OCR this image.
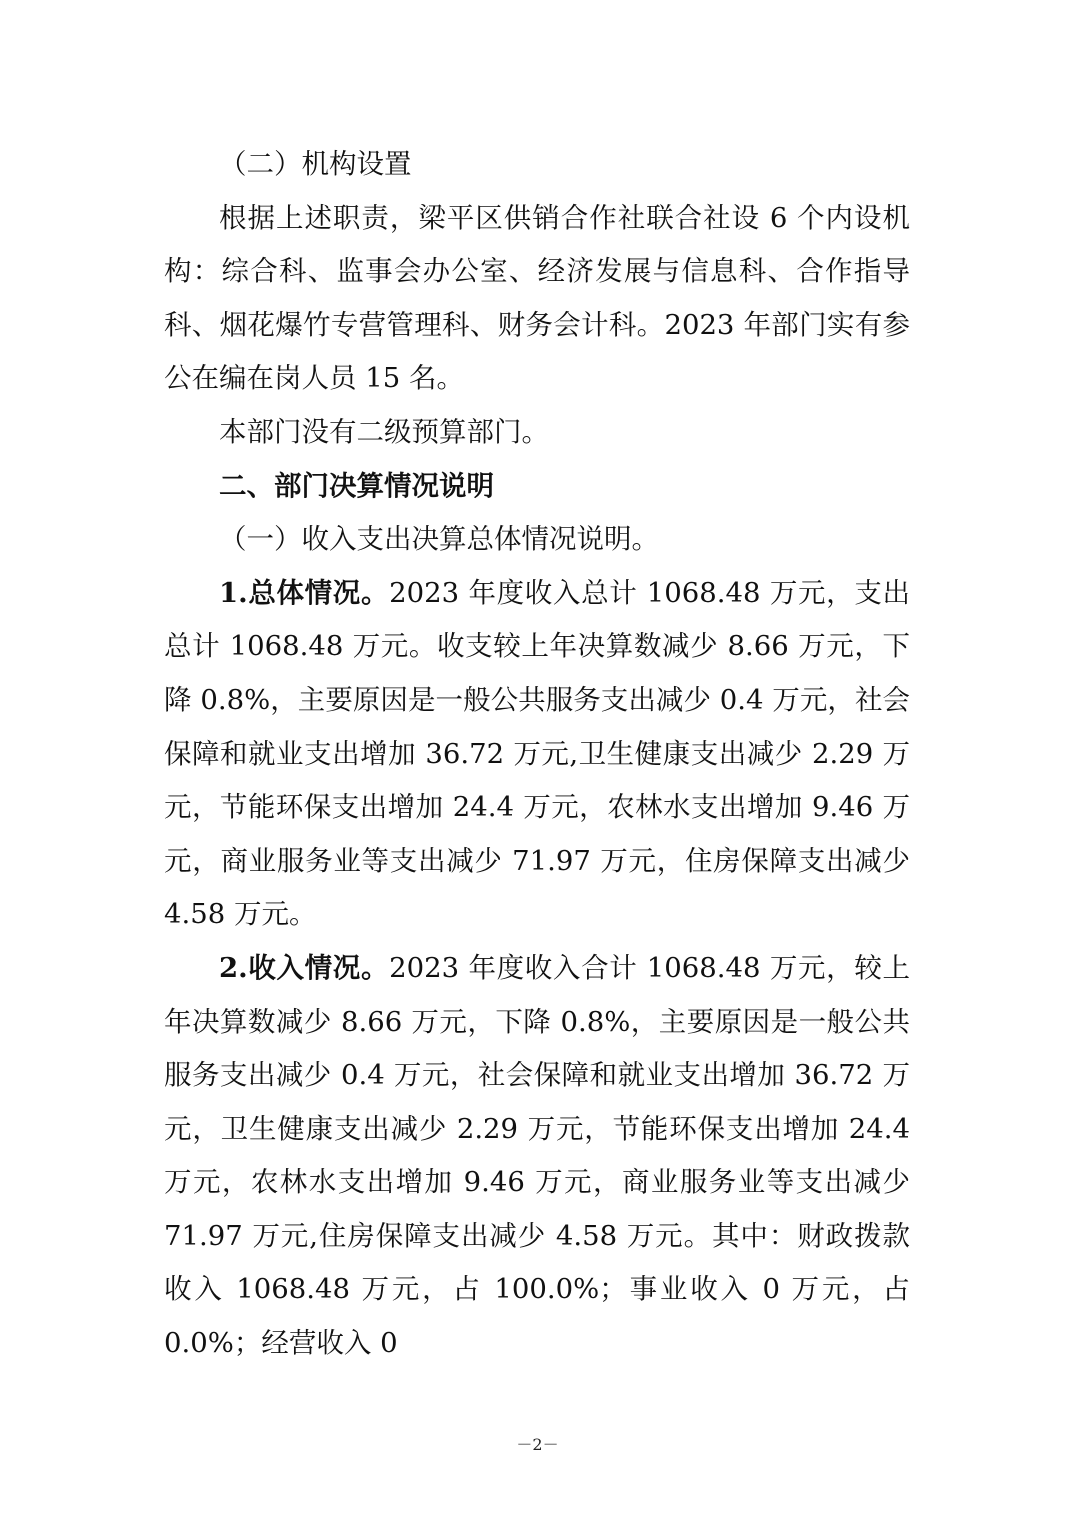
（二）机构设置

根据上述职责，梁平区供销合作社联合社设 6 个内设机构：综合科、监事会办公室、经济发展与信息科、合作指导科、烟花爆竹专营管理科、财务会计科。2023 年部门实有参公在编在岗人员 15 名。

本部门没有二级预算部门。

二、部门决算情况说明

（一）收入支出决算总体情况说明。

1.总体情况。2023 年度收入总计 1068.48 万元，支出总计 1068.48 万元。收支较上年决算数减少 8.66 万元，下降 0.8%，主要原因是一般公共服务支出减少 0.4 万元，社会保障和就业支出增加 36.72 万元,卫生健康支出减少 2.29 万元，节能环保支出增加 24.4 万元，农林水支出增加 9.46 万元，商业服务业等支出减少 71.97 万元，住房保障支出减少 4.58 万元。

2.收入情况。2023 年度收入合计 1068.48 万元，较上年决算数减少 8.66 万元，下降 0.8%，主要原因是一般公共服务支出减少 0.4 万元，社会保障和就业支出增加 36.72 万元，卫生健康支出减少 2.29 万元，节能环保支出增加 24.4 万元，农林水支出增加 9.46 万元，商业服务业等支出减少 71.97 万元,住房保障支出减少 4.58 万元。其中：财政拨款收入 1068.48 万元，占 100.0%；事业收入 0 万元，占 0.0%；经营收入 0

－2－
